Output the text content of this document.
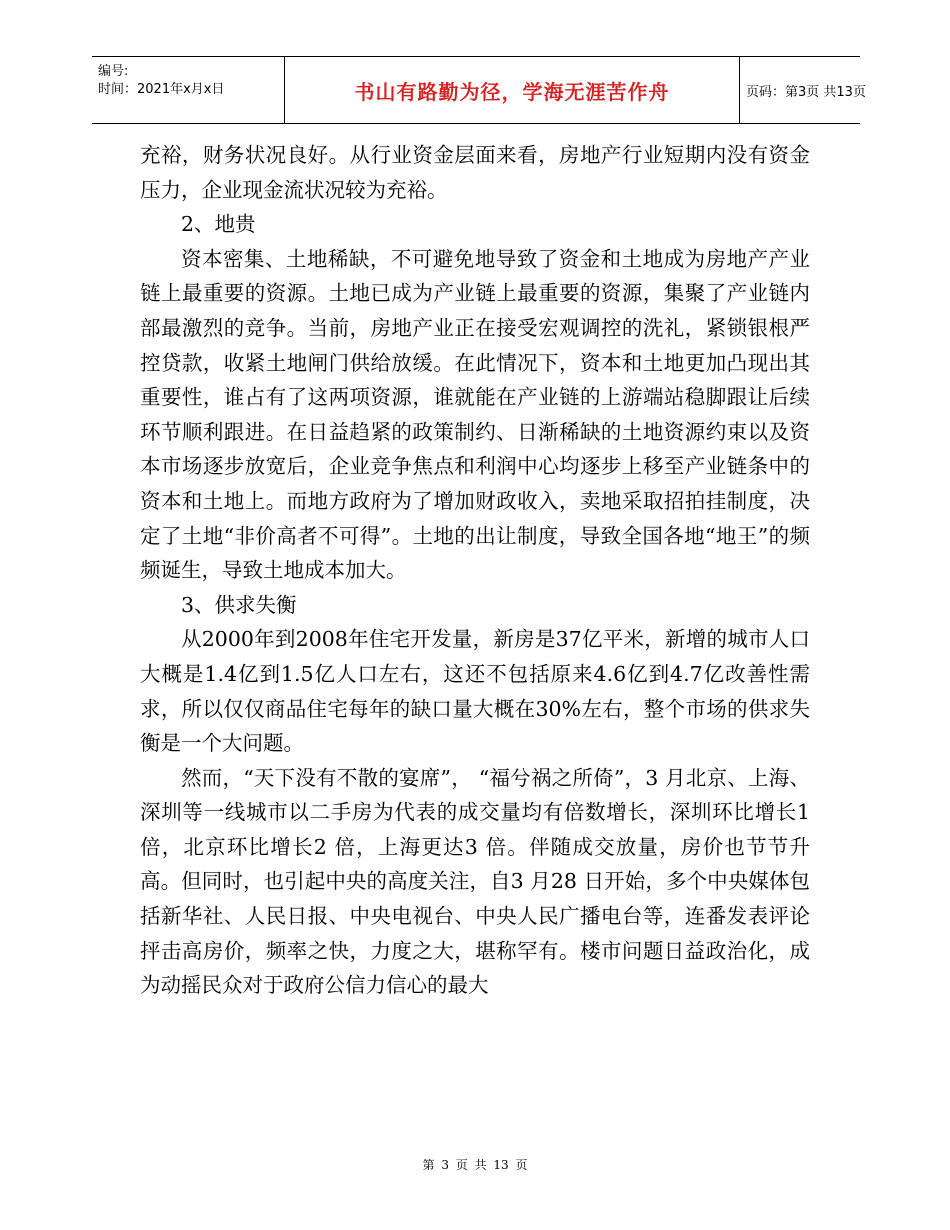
编号:
时间：2021年x月x日	书山有路勤为径，学海无涯苦作舟	页码：第3页 共13页

充裕，财务状况良好。从行业资金层面来看，房地产行业短期内没有资金压力，企业现金流状况较为充裕。

2、地贵

资本密集、土地稀缺，不可避免地导致了资金和土地成为房地产产业链上最重要的资源。土地已成为产业链上最重要的资源，集聚了产业链内部最激烈的竞争。当前，房地产业正在接受宏观调控的洗礼，紧锁银根严控贷款，收紧土地闸门供给放缓。在此情况下，资本和土地更加凸现出其重要性，谁占有了这两项资源，谁就能在产业链的上游端站稳脚跟让后续环节顺利跟进。在日益趋紧的政策制约、日渐稀缺的土地资源约束以及资本市场逐步放宽后，企业竞争焦点和利润中心均逐步上移至产业链条中的资本和土地上。而地方政府为了增加财政收入，卖地采取招拍挂制度，决定了土地“非价高者不可得”。土地的出让制度，导致全国各地“地王”的频频诞生，导致土地成本加大。

3、供求失衡

从2000年到2008年住宅开发量，新房是37亿平米，新增的城市人口大概是1.4亿到1.5亿人口左右，这还不包括原来4.6亿到4.7亿改善性需求，所以仅仅商品住宅每年的缺口量大概在30%左右，整个市场的供求失衡是一个大问题。

然而，“天下没有不散的宴席”， “福兮祸之所倚”，3 月北京、上海、深圳等一线城市以二手房为代表的成交量均有倍数增长，深圳环比增长1倍，北京环比增长2 倍，上海更达3 倍。伴随成交放量，房价也节节升高。但同时，也引起中央的高度关注，自3 月28 日开始，多个中央媒体包括新华社、人民日报、中央电视台、中央人民广播电台等，连番发表评论抨击高房价，频率之快，力度之大，堪称罕有。楼市问题日益政治化，成为动摇民众对于政府公信力信心的最大

第 3 页 共 13 页
